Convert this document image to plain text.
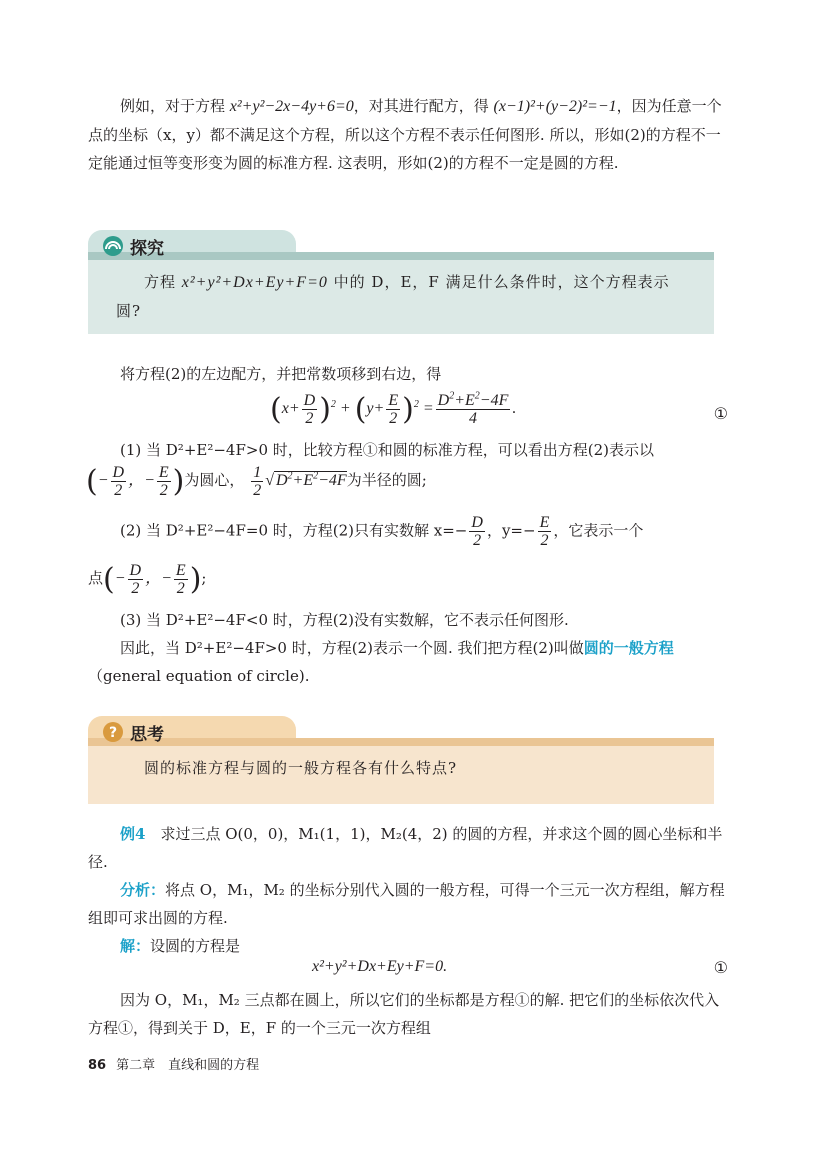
例如，对于方程 x²+y²−2x−4y+6=0，对其进行配方，得 (x−1)²+(y−2)²=−1，因为任意一个点的坐标（x，y）都不满足这个方程，所以这个方程不表示任何图形. 所以，形如(2)的方程不一定能通过恒等变形变为圆的标准方程. 这表明，形如(2)的方程不一定是圆的方程.
探究
方程 x²+y²+Dx+Ey+F=0 中的 D，E，F 满足什么条件时，这个方程表示圆?
将方程(2)的左边配方，并把常数项移到右边，得
$(x+ \frac{D}{2} )^2 + (y+ \frac{E}{2} )^2 = \frac{D^2+E^2-4F}{4}$ .	①
(1) 当 D²+E²−4F>0 时，比较方程①和圆的标准方程，可以看出方程(2)表示以
(− $\frac{D}{2}$ ，− $\frac{E}{2}$ )为圆心， $\frac{1}{2}$ √ $D^2+E^2-4F$为半径的圆;
(2) 当 D²+E²−4F=0 时，方程(2)只有实数解 $x=- \frac{D}{2}$ ，$y=- \frac{E}{2}$ ，它表示一个
点(− $\frac{D}{2}$ ，− $\frac{E}{2}$ );
(3) 当 D²+E²−4F<0 时，方程(2)没有实数解，它不表示任何图形.
因此，当 D²+E²−4F>0 时，方程(2)表示一个圆. 我们把方程(2)叫做圆的一般方程（general equation of circle).
? 思考
圆的标准方程与圆的一般方程各有什么特点?
例4　 求过三点 O(0，0)，M₁(1，1)，M₂(4，2) 的圆的方程，并求这个圆的圆心坐标和半径.
分析：将点 O，M₁，M₂ 的坐标分别代入圆的一般方程，可得一个三元一次方程组，解方程组即可求出圆的方程.
解：设圆的方程是
x²+y²+Dx+Ey+F=0.	①
因为 O，M₁，M₂ 三点都在圆上，所以它们的坐标都是方程①的解. 把它们的坐标依次代入方程①，得到关于 D，E，F 的一个三元一次方程组
86 第二章　直线和圆的方程
